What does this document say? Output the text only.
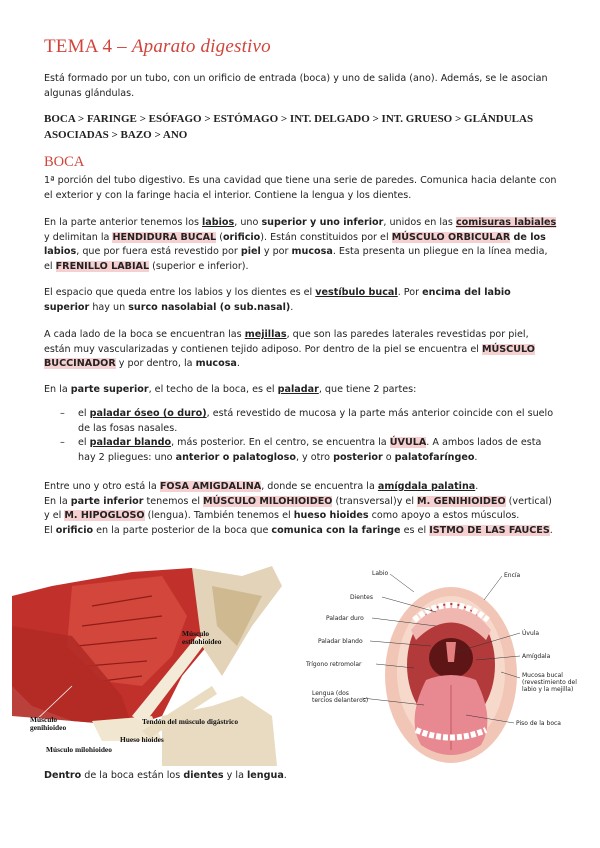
TEMA 4 – Aparato digestivo

Está formado por un tubo, con un orificio de entrada (boca) y uno de salida (ano). Además, se le asocian algunas glándulas.

BOCA > FARINGE > ESÓFAGO > ESTÓMAGO > INT. DELGADO > INT. GRUESO > GLÁNDULAS ASOCIADAS > BAZO > ANO

BOCA

1ª porción del tubo digestivo. Es una cavidad que tiene una serie de paredes. Comunica hacia delante con el exterior y con la faringe hacia el interior. Contiene la lengua y los dientes.

En la parte anterior tenemos los labios, uno superior y uno inferior, unidos en las comisuras labiales y delimitan la HENDIDURA BUCAL (orificio). Están constituidos por el MÚSCULO ORBICULAR de los labios, que por fuera está revestido por piel y por mucosa. Esta presenta un pliegue en la línea media, el FRENILLO LABIAL (superior e inferior).

El espacio que queda entre los labios y los dientes es el vestíbulo bucal. Por encima del labio superior hay un surco nasolabial (o sub.nasal).

A cada lado de la boca se encuentran las mejillas, que son las paredes laterales revestidas por piel, están muy vascularizadas y contienen tejido adiposo. Por dentro de la piel se encuentra el MÚSCULO BUCCINADOR y por dentro, la mucosa.

En la parte superior, el techo de la boca, es el paladar, que tiene 2 partes:

– el paladar óseo (o duro), está revestido de mucosa y la parte más anterior coincide con el suelo de las fosas nasales.
– el paladar blando, más posterior. En el centro, se encuentra la ÚVULA. A ambos lados de esta hay 2 pliegues: uno anterior o palatogloso, y otro posterior o palatofaríngeo.

Entre uno y otro está la FOSA AMIGDALINA, donde se encuentra la amígdala palatina.
En la parte inferior tenemos el MÚSCULO MILOHIOIDEO (transversal)y el M. GENIHIOIDEO (vertical) y el M. HIPOGLOSO (lengua). También tenemos el hueso hioides como apoyo a estos músculos.
El orificio en la parte posterior de la boca que comunica con la faringe es el ISTMO DE LAS FAUCES.

Músculo
estilohioideo
Músculo
genihioideo
Tendón del músculo digástrico
Hueso hioides
Músculo milohioideo
Labio	Encía
Dientes
Paladar duro
Úvula
Paladar blando
Amígdala
Trígono retromolar
Mucosa bucal
(revestimiento del
labio y la mejilla)
Lengua (dos
tercios delanteros)
Piso de la boca

Dentro de la boca están los dientes y la lengua.
